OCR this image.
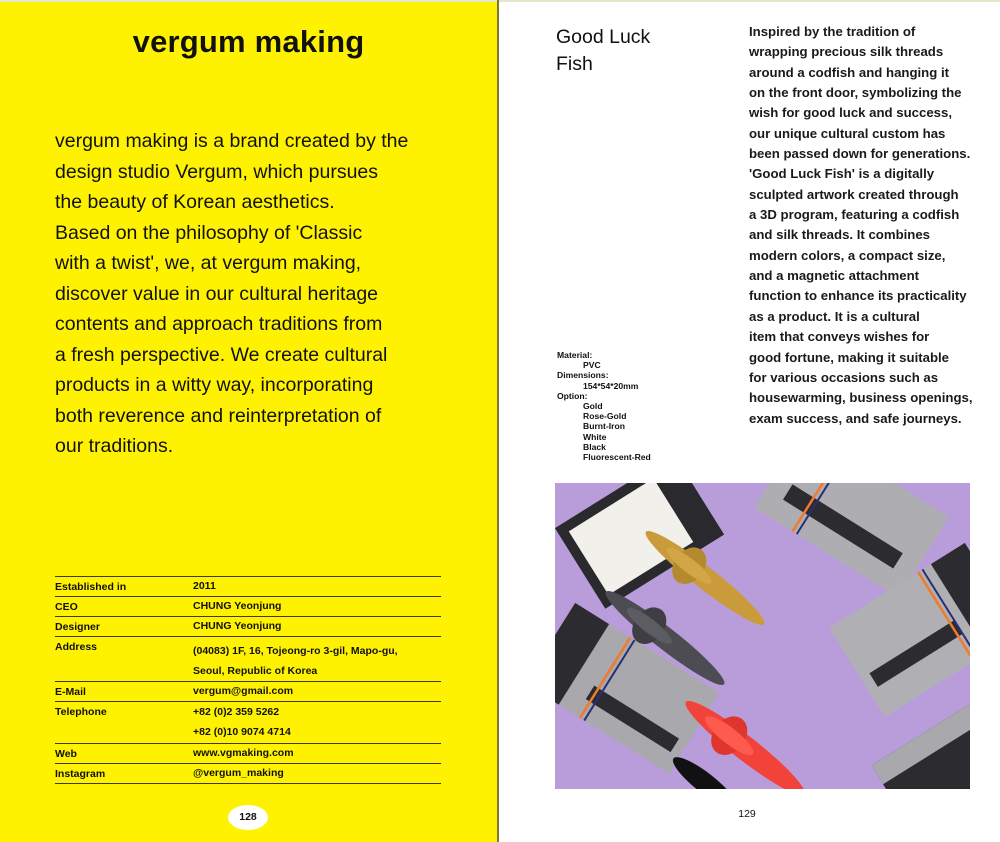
vergum making

vergum making is a brand created by the

design studio Vergum, which pursues

the beauty of Korean aesthetics.

Based on the philosophy of 'Classic

with a twist', we, at vergum making,

discover value in our cultural heritage

contents and approach traditions from

a fresh perspective. We create cultural

products in a witty way, incorporating

both reverence and reinterpretation of

our traditions.

Established in	2011
CEO	CHUNG Yeonjung
Designer	CHUNG Yeonjung
Address	(04083) 1F, 16, Tojeong-ro 3-gil, Mapo-gu,
Seoul, Republic of Korea
E-Mail	vergum@gmail.com
Telephone	+82 (0)2 359 5262
+82 (0)10 9074 4714
Web	www.vgmaking.com
Instagram	@vergum_making
128
Good Luck
Fish

Inspired by the tradition of

wrapping precious silk threads

around a codfish and hanging it

on the front door, symbolizing the

wish for good luck and success,

our unique cultural custom has

been passed down for generations.

'Good Luck Fish' is a digitally

sculpted artwork created through

a 3D program, featuring a codfish

and silk threads. It combines

modern colors, a compact size,

and a magnetic attachment

function to enhance its practicality

as a product. It is a cultural

item that conveys wishes for

good fortune, making it suitable

for various occasions such as

housewarming, business openings,

exam success, and safe journeys.

Material:
PVC
Dimensions:
154*54*20mm
Option:
Gold
Rose-Gold
Burnt-Iron
White
Black
Fluorescent-Red
129
